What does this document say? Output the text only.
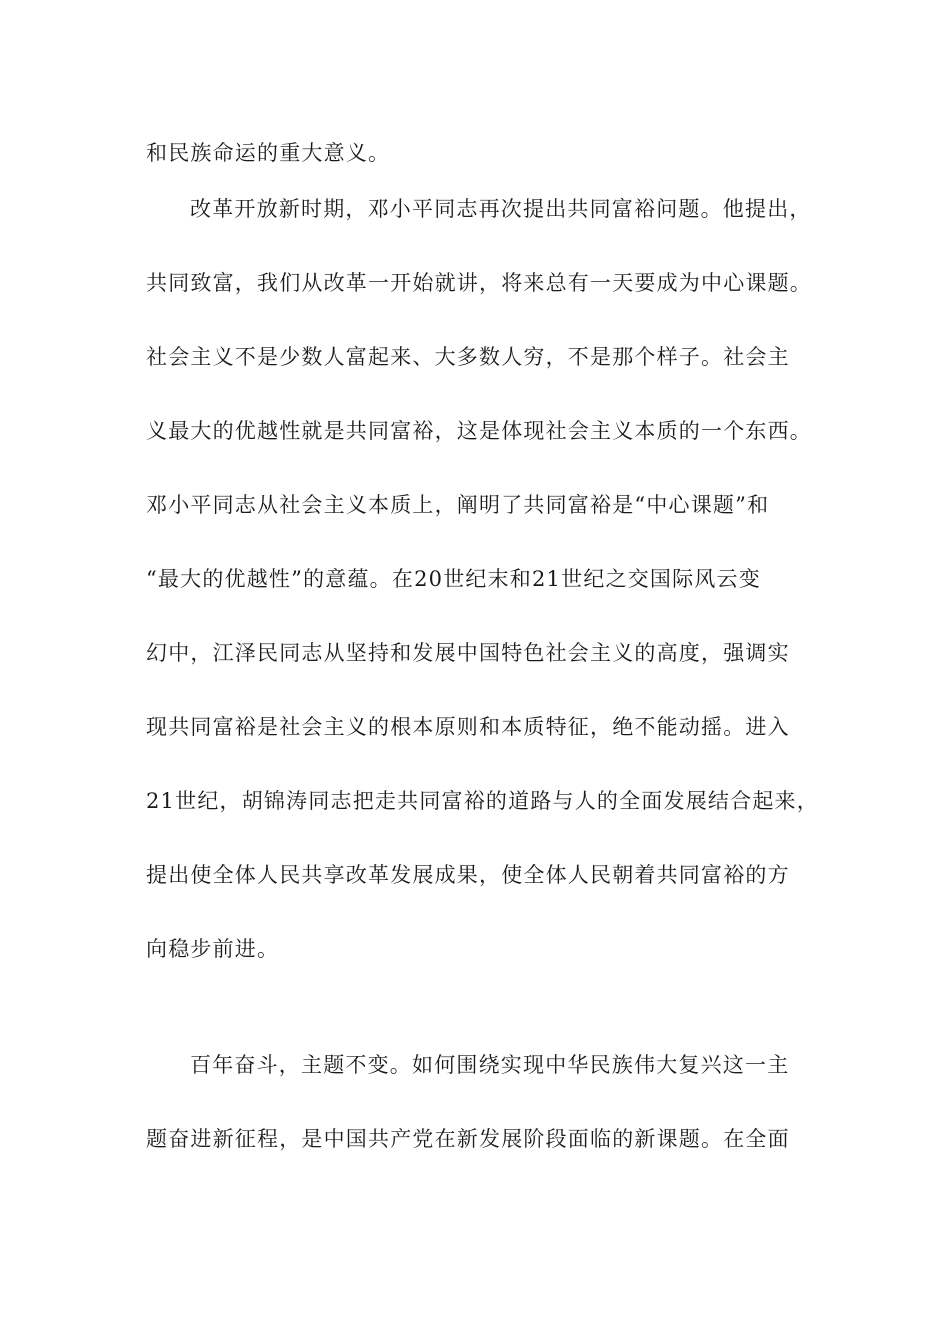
和民族命运的重大意义。
改革开放新时期，邓小平同志再次提出共同富裕问题。他提出，
共同致富，我们从改革一开始就讲，将来总有一天要成为中心课题。
社会主义不是少数人富起来、大多数人穷，不是那个样子。社会主
义最大的优越性就是共同富裕，这是体现社会主义本质的一个东西。
邓小平同志从社会主义本质上，阐明了共同富裕是“中心课题”和
“最大的优越性”的意蕴。在20世纪末和21世纪之交国际风云变
幻中，江泽民同志从坚持和发展中国特色社会主义的高度，强调实
现共同富裕是社会主义的根本原则和本质特征，绝不能动摇。进入
21世纪，胡锦涛同志把走共同富裕的道路与人的全面发展结合起来，
提出使全体人民共享改革发展成果，使全体人民朝着共同富裕的方
向稳步前进。
百年奋斗，主题不变。如何围绕实现中华民族伟大复兴这一主
题奋进新征程，是中国共产党在新发展阶段面临的新课题。在全面
